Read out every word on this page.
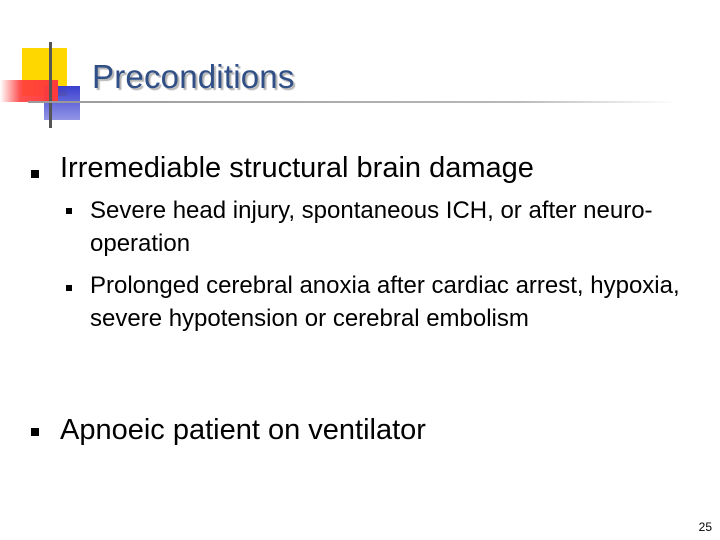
Preconditions
Irremediable structural brain damage
Severe head injury, spontaneous ICH, or after neuro-operation
Prolonged cerebral anoxia after cardiac arrest, hypoxia, severe hypotension or cerebral embolism
Apnoeic patient on ventilator
25
